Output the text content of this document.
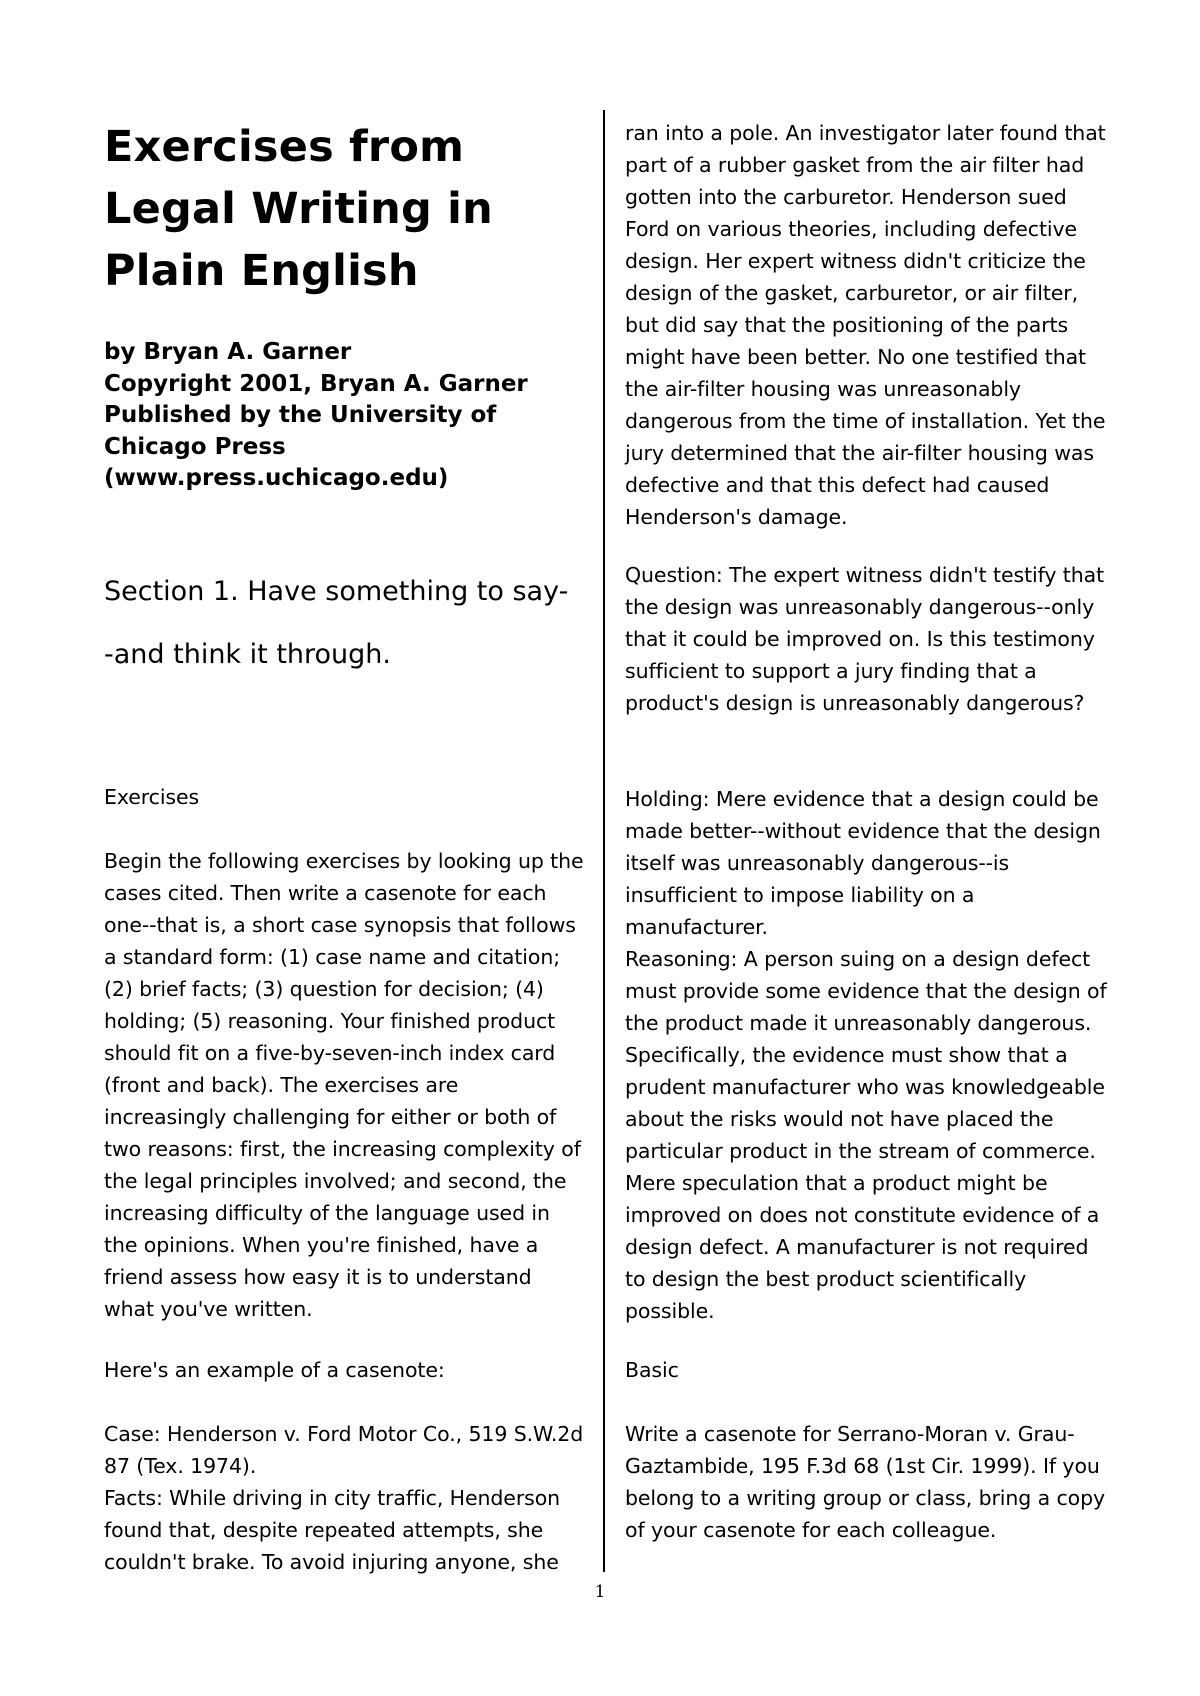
Exercises from Legal Writing in Plain English

by Bryan A. Garner
Copyright 2001, Bryan A. Garner
Published by the University of Chicago Press
(www.press.uchicago.edu)

Section 1. Have something to say--and think it through.

Exercises

Begin the following exercises by looking up the cases cited. Then write a casenote for each one--that is, a short case synopsis that follows a standard form: (1) case name and citation; (2) brief facts; (3) question for decision; (4) holding; (5) reasoning. Your finished product should fit on a five-by-seven-inch index card (front and back). The exercises are increasingly challenging for either or both of two reasons: first, the increasing complexity of the legal principles involved; and second, the increasing difficulty of the language used in the opinions. When you're finished, have a friend assess how easy it is to understand what you've written.

Here's an example of a casenote:

Case: Henderson v. Ford Motor Co., 519 S.W.2d 87 (Tex. 1974).
Facts: While driving in city traffic, Henderson found that, despite repeated attempts, she couldn't brake. To avoid injuring anyone, she

ran into a pole. An investigator later found that part of a rubber gasket from the air filter had gotten into the carburetor. Henderson sued Ford on various theories, including defective design. Her expert witness didn't criticize the design of the gasket, carburetor, or air filter, but did say that the positioning of the parts might have been better. No one testified that the air-filter housing was unreasonably dangerous from the time of installation. Yet the jury determined that the air-filter housing was defective and that this defect had caused Henderson's damage.

Question: The expert witness didn't testify that the design was unreasonably dangerous--only that it could be improved on. Is this testimony sufficient to support a jury finding that a product's design is unreasonably dangerous?

Holding: Mere evidence that a design could be made better--without evidence that the design itself was unreasonably dangerous--is insufficient to impose liability on a manufacturer.
Reasoning: A person suing on a design defect must provide some evidence that the design of the product made it unreasonably dangerous. Specifically, the evidence must show that a prudent manufacturer who was knowledgeable about the risks would not have placed the particular product in the stream of commerce. Mere speculation that a product might be improved on does not constitute evidence of a design defect. A manufacturer is not required to design the best product scientifically possible.

Basic

Write a casenote for Serrano-Moran v. Grau-Gaztambide, 195 F.3d 68 (1st Cir. 1999). If you belong to a writing group or class, bring a copy of your casenote for each colleague.

1
